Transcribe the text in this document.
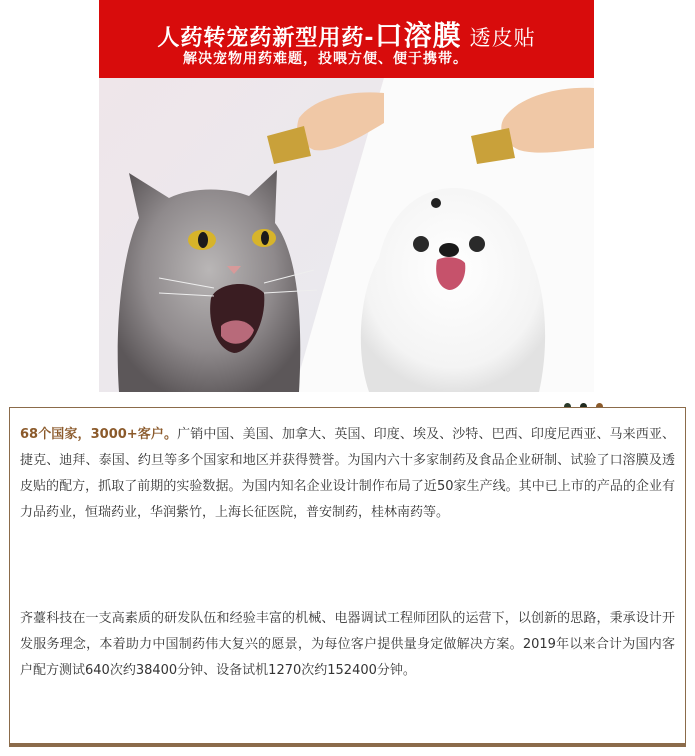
人药转宠药新型用药-口溶膜 透皮贴
解决宠物用药难题，投喂方便、便于携带。

68个国家，3000+客户。广销中国、美国、加拿大、英国、印度、埃及、沙特、巴西、印度尼西亚、马来西亚、捷克、迪拜、泰国、约旦等多个国家和地区并获得赞誉。为国内六十多家制药及食品企业研制、试验了口溶膜及透皮贴的配方，抓取了前期的实验数据。为国内知名企业设计制作布局了近50家生产线。其中已上市的产品的企业有力品药业，恒瑞药业，华润紫竹，上海长征医院，普安制药，桂林南药等。

齐薹科技在一支高素质的研发队伍和经验丰富的机械、电器调试工程师团队的运营下，以创新的思路，秉承设计开发服务理念，本着助力中国制药伟大复兴的愿景，为每位客户提供量身定做解决方案。2019年以来合计为国内客户配方测试640次约38400分钟、设备试机1270次约152400分钟。
